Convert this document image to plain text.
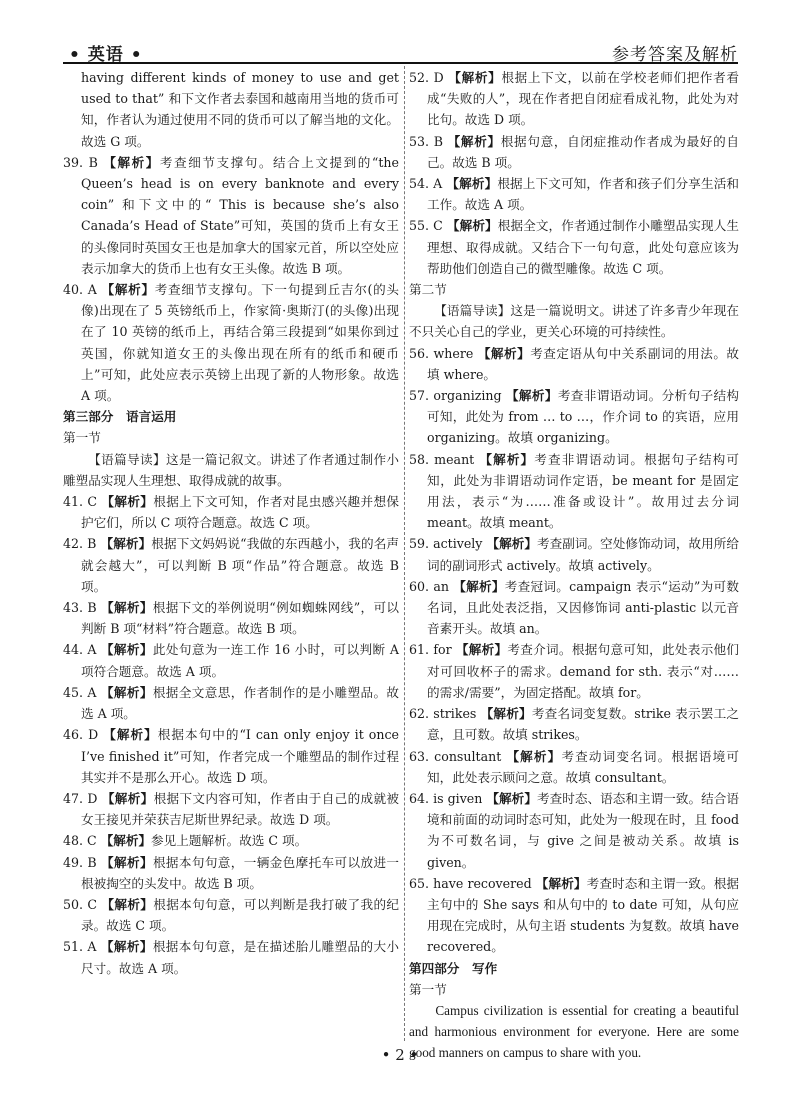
• 英语 •	参考答案及解析

having different kinds of money to use and get used to that” 和下文作者去泰国和越南用当地的货币可知，作者认为通过使用不同的货币可以了解当地的文化。故选 G 项。

39. B 【解析】考查细节支撑句。结合上文提到的“the Queen’s head is on every banknote and every coin” 和下文中的“ This is because she’s also Canada’s Head of State”可知，英国的货币上有女王的头像同时英国女王也是加拿大的国家元首，所以空处应表示加拿大的货币上也有女王头像。故选 B 项。

40. A 【解析】考查细节支撑句。下一句提到丘吉尔(的头像)出现在了 5 英镑纸币上，作家简·奥斯汀(的头像)出现在了 10 英镑的纸币上，再结合第三段提到“如果你到过英国，你就知道女王的头像出现在所有的纸币和硬币上”可知，此处应表示英镑上出现了新的人物形象。故选 A 项。

第三部分　语言运用

第一节

【语篇导读】这是一篇记叙文。讲述了作者通过制作小雕塑品实现人生理想、取得成就的故事。

41. C 【解析】根据上下文可知，作者对昆虫感兴趣并想保护它们，所以 C 项符合题意。故选 C 项。

42. B 【解析】根据下文妈妈说“我做的东西越小，我的名声就会越大”，可以判断 B 项“作品”符合题意。故选 B 项。

43. B 【解析】根据下文的举例说明“例如蜘蛛网线”，可以判断 B 项“材料”符合题意。故选 B 项。

44. A 【解析】此处句意为一连工作 16 小时，可以判断 A 项符合题意。故选 A 项。

45. A 【解析】根据全文意思，作者制作的是小雕塑品。故选 A 项。

46. D 【解析】根据本句中的“I can only enjoy it once I’ve finished it”可知，作者完成一个雕塑品的制作过程其实并不是那么开心。故选 D 项。

47. D 【解析】根据下文内容可知，作者由于自己的成就被女王接见并荣获吉尼斯世界纪录。故选 D 项。

48. C 【解析】参见上题解析。故选 C 项。

49. B 【解析】根据本句句意，一辆金色摩托车可以放进一根被掏空的头发中。故选 B 项。

50. C 【解析】根据本句句意，可以判断是我打破了我的纪录。故选 C 项。

51. A 【解析】根据本句句意，是在描述胎儿雕塑品的大小尺寸。故选 A 项。

52. D 【解析】根据上下文，以前在学校老师们把作者看成“失败的人”，现在作者把自闭症看成礼物，此处为对比句。故选 D 项。

53. B 【解析】根据句意，自闭症推动作者成为最好的自己。故选 B 项。

54. A 【解析】根据上下文可知，作者和孩子们分享生活和工作。故选 A 项。

55. C 【解析】根据全文，作者通过制作小雕塑品实现人生理想、取得成就。又结合下一句句意，此处句意应该为帮助他们创造自己的微型雕像。故选 C 项。

第二节

【语篇导读】这是一篇说明文。讲述了许多青少年现在不只关心自己的学业，更关心环境的可持续性。

56. where 【解析】考查定语从句中关系副词的用法。故填 where。

57. organizing 【解析】考查非谓语动词。分析句子结构可知，此处为 from … to …，作介词 to 的宾语，应用 organizing。故填 organizing。

58. meant 【解析】考查非谓语动词。根据句子结构可知，此处为非谓语动词作定语，be meant for 是固定用法，表示“为……准备或设计”。故用过去分词 meant。故填 meant。

59. actively 【解析】考查副词。空处修饰动词，故用所给词的副词形式 actively。故填 actively。

60. an 【解析】考查冠词。campaign 表示“运动”为可数名词，且此处表泛指，又因修饰词 anti-plastic 以元音音素开头。故填 an。

61. for 【解析】考查介词。根据句意可知，此处表示他们对可回收杯子的需求。demand for sth. 表示“对……的需求/需要”，为固定搭配。故填 for。

62. strikes 【解析】考查名词变复数。strike 表示罢工之意，且可数。故填 strikes。

63. consultant 【解析】考查动词变名词。根据语境可知，此处表示顾问之意。故填 consultant。

64. is given 【解析】考查时态、语态和主谓一致。结合语境和前面的动词时态可知，此处为一般现在时，且 food 为不可数名词，与 give 之间是被动关系。故填 is given。

65. have recovered 【解析】考查时态和主谓一致。根据主句中的 She says 和从句中的 to date 可知，从句应用现在完成时，从句主语 students 为复数。故填 have recovered。

第四部分　写作

第一节

Campus civilization is essential for creating a beautiful and harmonious environment for everyone. Here are some good manners on campus to share with you.

• 2 •
